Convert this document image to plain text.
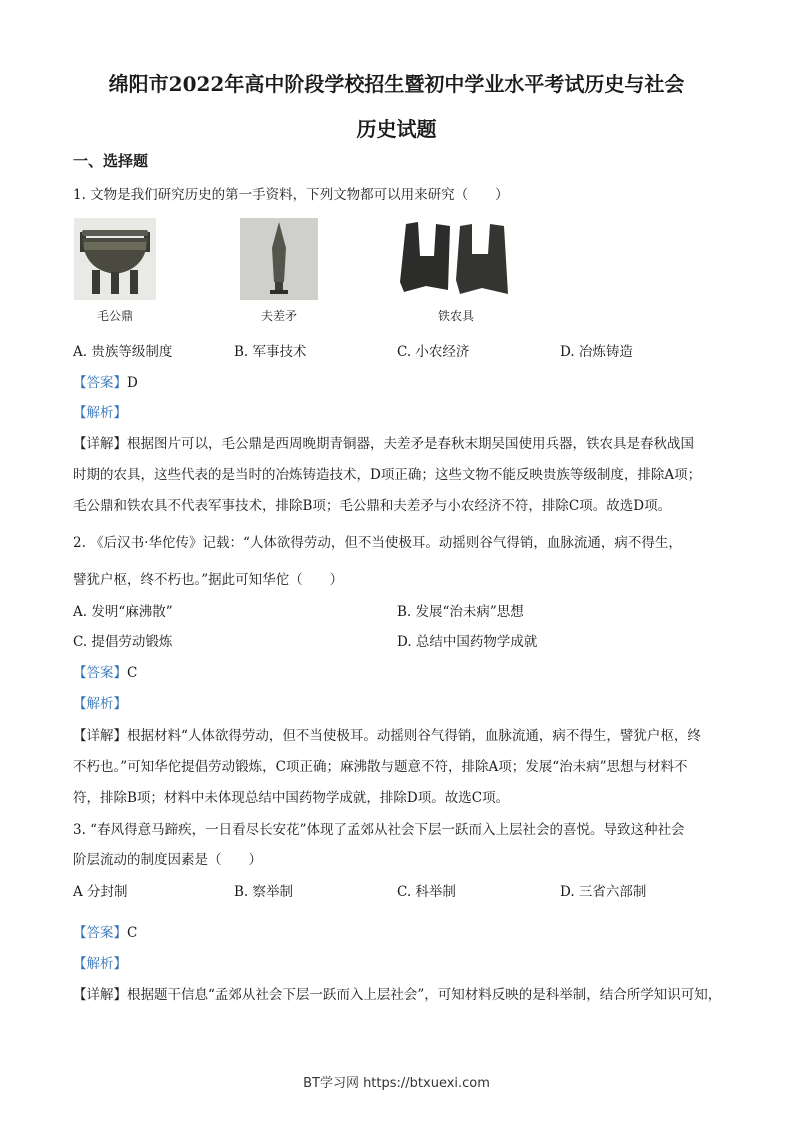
绵阳市2022年高中阶段学校招生暨初中学业水平考试历史与社会
历史试题
一、选择题
1. 文物是我们研究历史的第一手资料，下列文物都可以用来研究（　　）
毛公鼎	夫差矛	铁农具
A. 贵族等级制度	B. 军事技术	C. 小农经济	D. 冶炼铸造
【答案】D
【解析】
【详解】根据图片可以，毛公鼎是西周晚期青铜器，夫差矛是春秋末期吴国使用兵器，铁农具是春秋战国
时期的农具，这些代表的是当时的冶炼铸造技术，D项正确；这些文物不能反映贵族等级制度，排除A项；
毛公鼎和铁农具不代表军事技术，排除B项；毛公鼎和夫差矛与小农经济不符，排除C项。故选D项。
2. 《后汉书·华佗传》记载：“人体欲得劳动，但不当使极耳。动摇则谷气得销，血脉流通，病不得生，
譬犹户枢，终不朽也。”据此可知华佗（　　）
A. 发明“麻沸散”	B. 发展“治未病”思想
C. 提倡劳动锻炼	D. 总结中国药物学成就
【答案】C
【解析】
【详解】根据材料“人体欲得劳动，但不当使极耳。动摇则谷气得销，血脉流通，病不得生，譬犹户枢，终
不朽也。”可知华佗提倡劳动锻炼，C项正确；麻沸散与题意不符，排除A项；发展“治未病”思想与材料不
符，排除B项；材料中未体现总结中国药物学成就，排除D项。故选C项。
3. “春风得意马蹄疾，一日看尽长安花”体现了孟郊从社会下层一跃而入上层社会的喜悦。导致这种社会
阶层流动的制度因素是（　　）
A 分封制	B. 察举制	C. 科举制	D. 三省六部制
【答案】C
【解析】
【详解】根据题干信息“孟郊从社会下层一跃而入上层社会”，可知材料反映的是科举制，结合所学知识可知，
BT学习网 https://btxuexi.com
